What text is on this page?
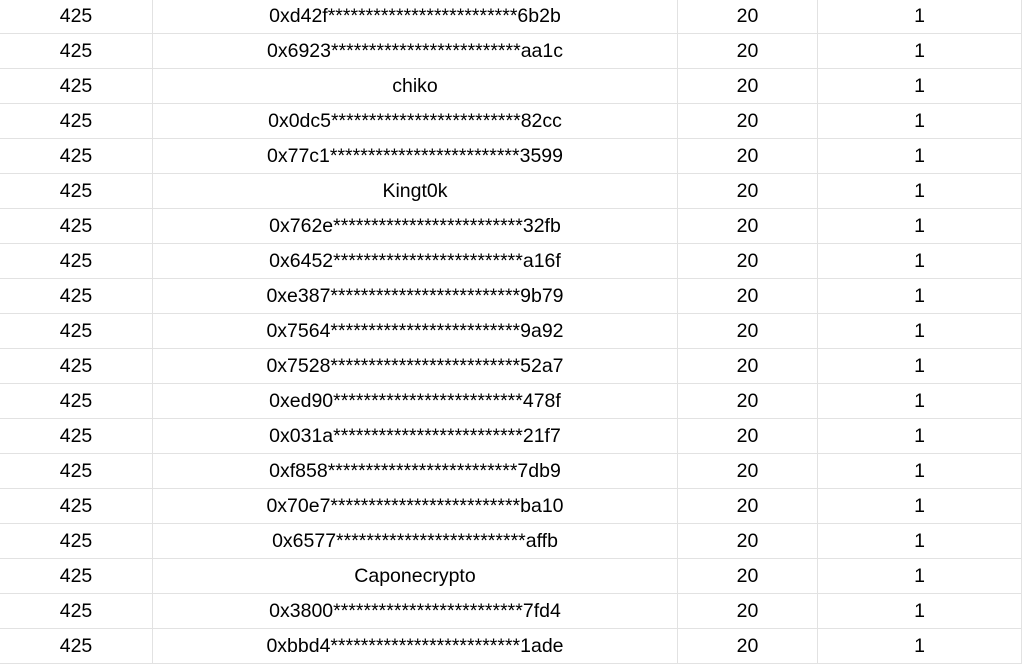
425	0xd42f*************************6b2b	20	1
425	0x6923*************************aa1c	20	1
425	chiko	20	1
425	0x0dc5*************************82cc	20	1
425	0x77c1*************************3599	20	1
425	Kingt0k	20	1
425	0x762e*************************32fb	20	1
425	0x6452*************************a16f	20	1
425	0xe387*************************9b79	20	1
425	0x7564*************************9a92	20	1
425	0x7528*************************52a7	20	1
425	0xed90*************************478f	20	1
425	0x031a*************************21f7	20	1
425	0xf858*************************7db9	20	1
425	0x70e7*************************ba10	20	1
425	0x6577*************************affb	20	1
425	Caponecrypto	20	1
425	0x3800*************************7fd4	20	1
425	0xbbd4*************************1ade	20	1
